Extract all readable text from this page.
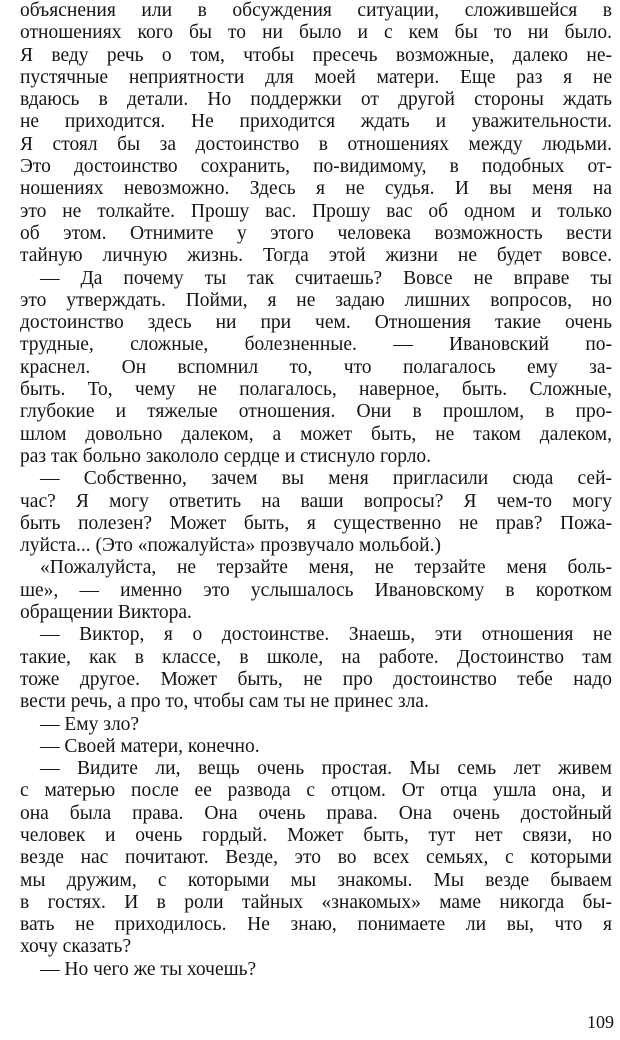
объяснения или в обсуждения ситуации, сложившейся в
отношениях кого бы то ни было и с кем бы то ни было.
Я веду речь о том, чтобы пресечь возможные, далеко не-
пустячные неприятности для моей матери. Еще раз я не
вдаюсь в детали. Но поддержки от другой стороны ждать
не приходится. Не приходится ждать и уважительности.
Я стоял бы за достоинство в отношениях между людьми.
Это достоинство сохранить, по-видимому, в подобных от-
ношениях невозможно. Здесь я не судья. И вы меня на
это не толкайте. Прошу вас. Прошу вас об одном и только
об этом. Отнимите у этого человека возможность вести
тайную личную жизнь. Тогда этой жизни не будет вовсе.
— Да почему ты так считаешь? Вовсе не вправе ты
это утверждать. Пойми, я не задаю лишних вопросов, но
достоинство здесь ни при чем. Отношения такие очень
трудные, сложные, болезненные. — Ивановский по-
краснел. Он вспомнил то, что полагалось ему за-
быть. То, чему не полагалось, наверное, быть. Сложные,
глубокие и тяжелые отношения. Они в прошлом, в про-
шлом довольно далеком, а может быть, не таком далеком,
раз так больно закололо сердце и стиснуло горло.
— Собственно, зачем вы меня пригласили сюда сей-
час? Я могу ответить на ваши вопросы? Я чем-то могу
быть полезен? Может быть, я существенно не прав? Пожа-
луйста... (Это «пожалуйста» прозвучало мольбой.)
«Пожалуйста, не терзайте меня, не терзайте меня боль-
ше», — именно это услышалось Ивановскому в коротком
обращении Виктора.
— Виктор, я о достоинстве. Знаешь, эти отношения не
такие, как в классе, в школе, на работе. Достоинство там
тоже другое. Может быть, не про достоинство тебе надо
вести речь, а про то, чтобы сам ты не принес зла.
— Ему зло?
— Своей матери, конечно.
— Видите ли, вещь очень простая. Мы семь лет живем
с матерью после ее развода с отцом. От отца ушла она, и
она была права. Она очень права. Она очень достойный
человек и очень гордый. Может быть, тут нет связи, но
везде нас почитают. Везде, это во всех семьях, с которыми
мы дружим, с которыми мы знакомы. Мы везде бываем
в гостях. И в роли тайных «знакомых» маме никогда бы-
вать не приходилось. Не знаю, понимаете ли вы, что я
хочу сказать?
— Но чего же ты хочешь?
109
